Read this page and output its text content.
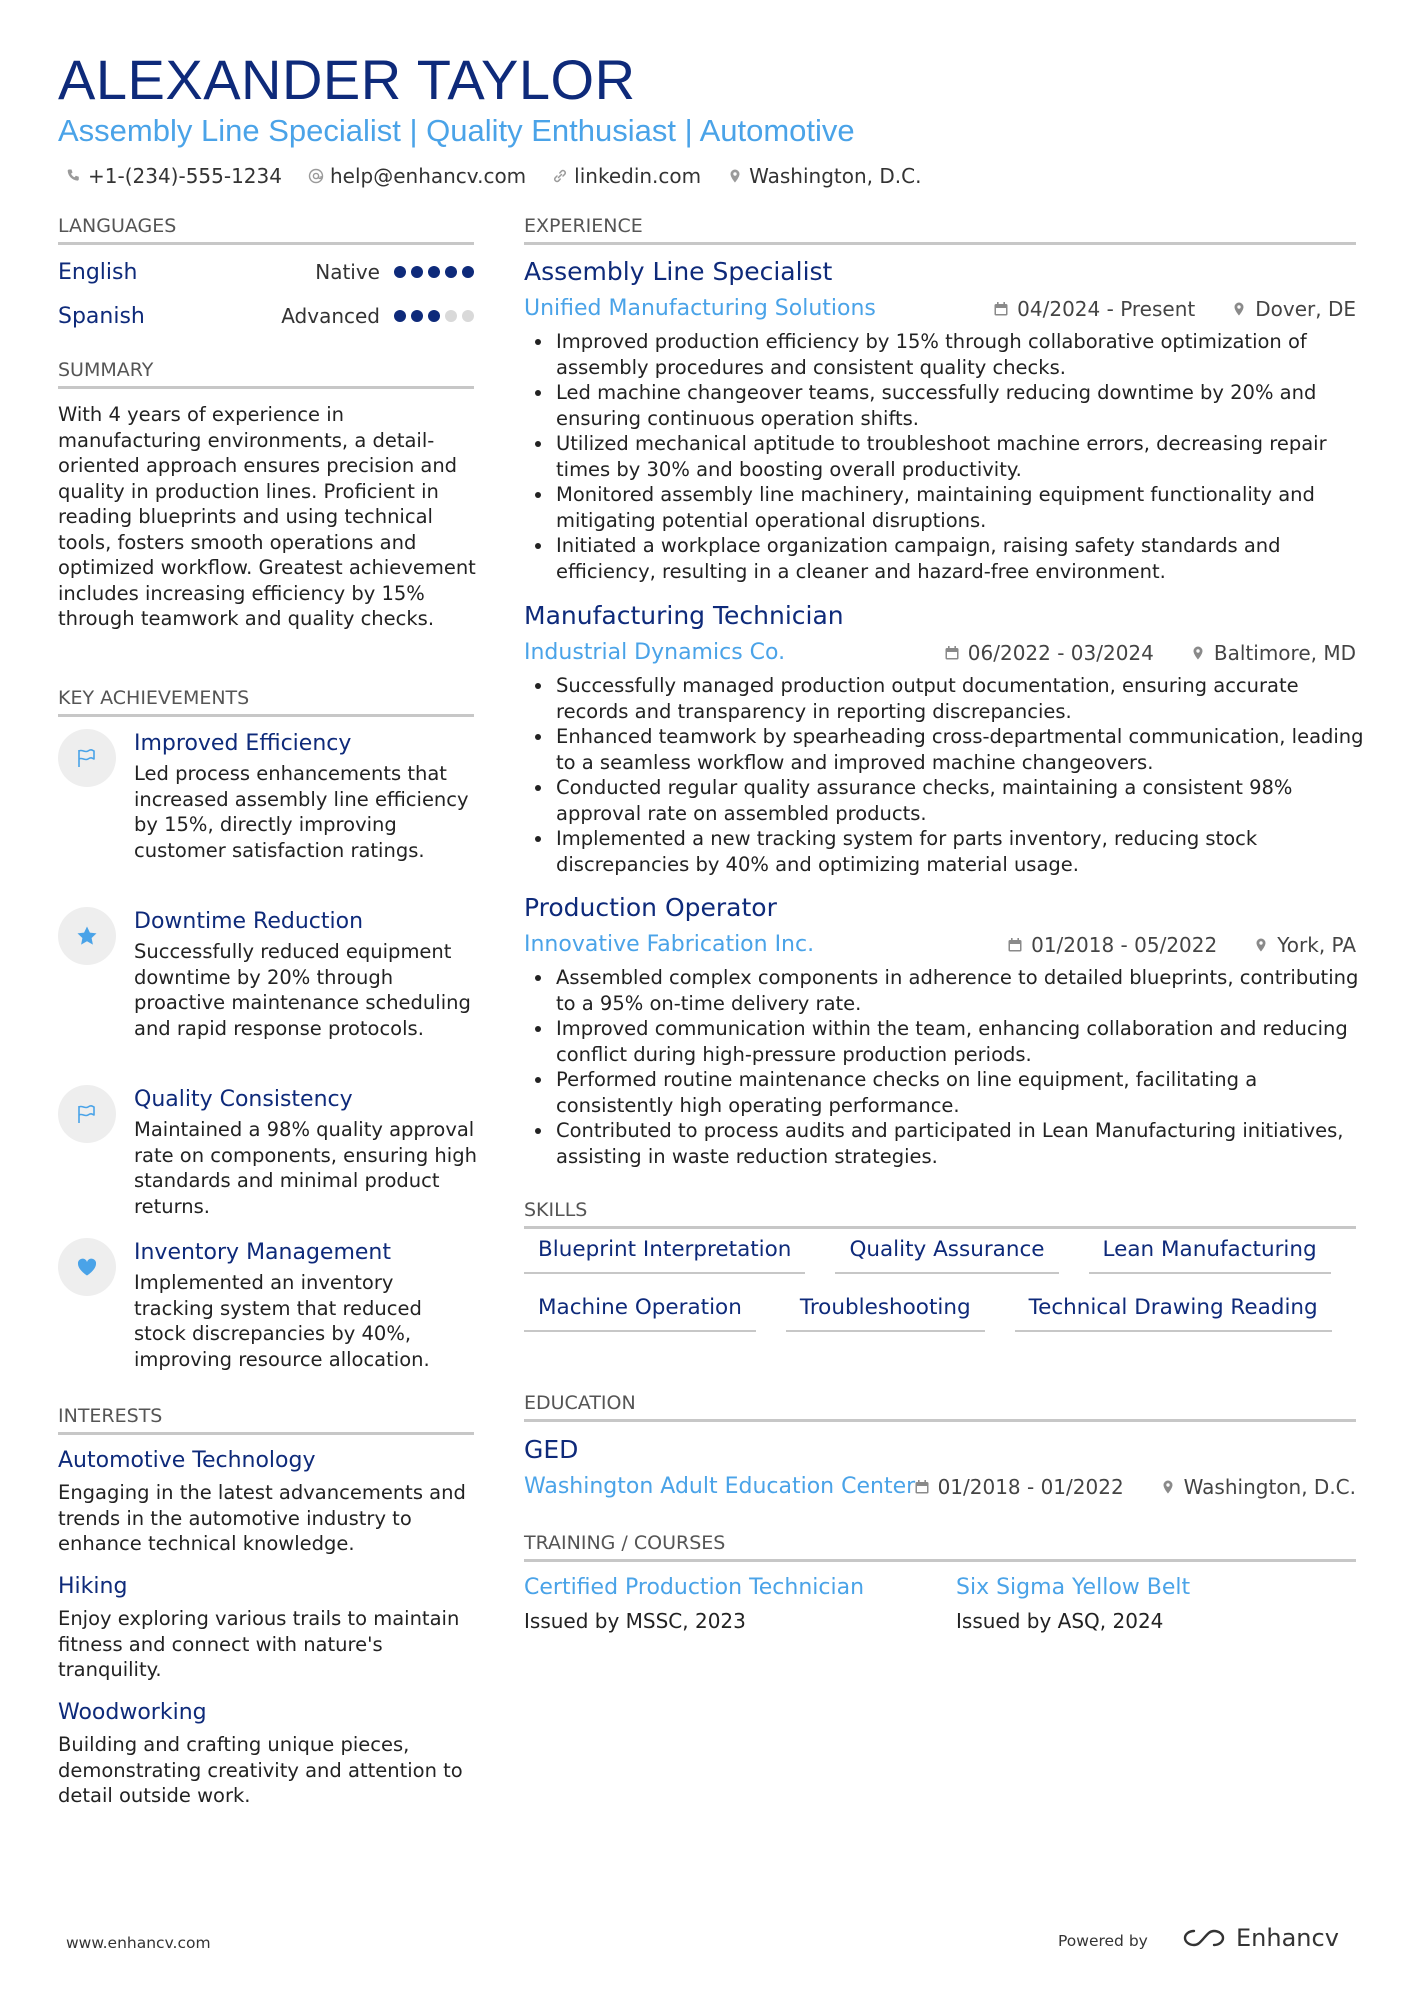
ALEXANDER TAYLOR
Assembly Line Specialist | Quality Enthusiast | Automotive
+1-(234)-555-1234 help@enhancv.com linkedin.com Washington, D.C.
LANGUAGES
English	Native
Spanish	Advanced
SUMMARY
With 4 years of experience in manufacturing environments, a detail-oriented approach ensures precision and quality in production lines. Proficient in reading blueprints and using technical tools, fosters smooth operations and optimized workflow. Greatest achievement includes increasing efficiency by 15% through teamwork and quality checks.
KEY ACHIEVEMENTS
Improved Efficiency
Led process enhancements that increased assembly line efficiency by 15%, directly improving customer satisfaction ratings.
Downtime Reduction
Successfully reduced equipment downtime by 20% through proactive maintenance scheduling and rapid response protocols.
Quality Consistency
Maintained a 98% quality approval rate on components, ensuring high standards and minimal product returns.
Inventory Management
Implemented an inventory tracking system that reduced stock discrepancies by 40%, improving resource allocation.
INTERESTS
Automotive Technology
Engaging in the latest advancements and trends in the automotive industry to enhance technical knowledge.
Hiking
Enjoy exploring various trails to maintain fitness and connect with nature's tranquility.
Woodworking
Building and crafting unique pieces, demonstrating creativity and attention to detail outside work.
EXPERIENCE
Assembly Line Specialist
Unified Manufacturing Solutions	04/2024 - Present	Dover, DE
• Improved production efficiency by 15% through collaborative optimization of assembly procedures and consistent quality checks.
• Led machine changeover teams, successfully reducing downtime by 20% and ensuring continuous operation shifts.
• Utilized mechanical aptitude to troubleshoot machine errors, decreasing repair times by 30% and boosting overall productivity.
• Monitored assembly line machinery, maintaining equipment functionality and mitigating potential operational disruptions.
• Initiated a workplace organization campaign, raising safety standards and efficiency, resulting in a cleaner and hazard-free environment.
Manufacturing Technician
Industrial Dynamics Co.	06/2022 - 03/2024	Baltimore, MD
• Successfully managed production output documentation, ensuring accurate records and transparency in reporting discrepancies.
• Enhanced teamwork by spearheading cross-departmental communication, leading to a seamless workflow and improved machine changeovers.
• Conducted regular quality assurance checks, maintaining a consistent 98% approval rate on assembled products.
• Implemented a new tracking system for parts inventory, reducing stock discrepancies by 40% and optimizing material usage.
Production Operator
Innovative Fabrication Inc.	01/2018 - 05/2022	York, PA
• Assembled complex components in adherence to detailed blueprints, contributing to a 95% on-time delivery rate.
• Improved communication within the team, enhancing collaboration and reducing conflict during high-pressure production periods.
• Performed routine maintenance checks on line equipment, facilitating a consistently high operating performance.
• Contributed to process audits and participated in Lean Manufacturing initiatives, assisting in waste reduction strategies.
SKILLS
Blueprint Interpretation	Quality Assurance	Lean Manufacturing
Machine Operation	Troubleshooting	Technical Drawing Reading
EDUCATION
GED
Washington Adult Education Center 01/2018 - 01/2022	Washington, D.C.
TRAINING / COURSES
Certified Production Technician
Issued by MSSC, 2023
Six Sigma Yellow Belt
Issued by ASQ, 2024
www.enhancv.com	Powered by	Enhancv
